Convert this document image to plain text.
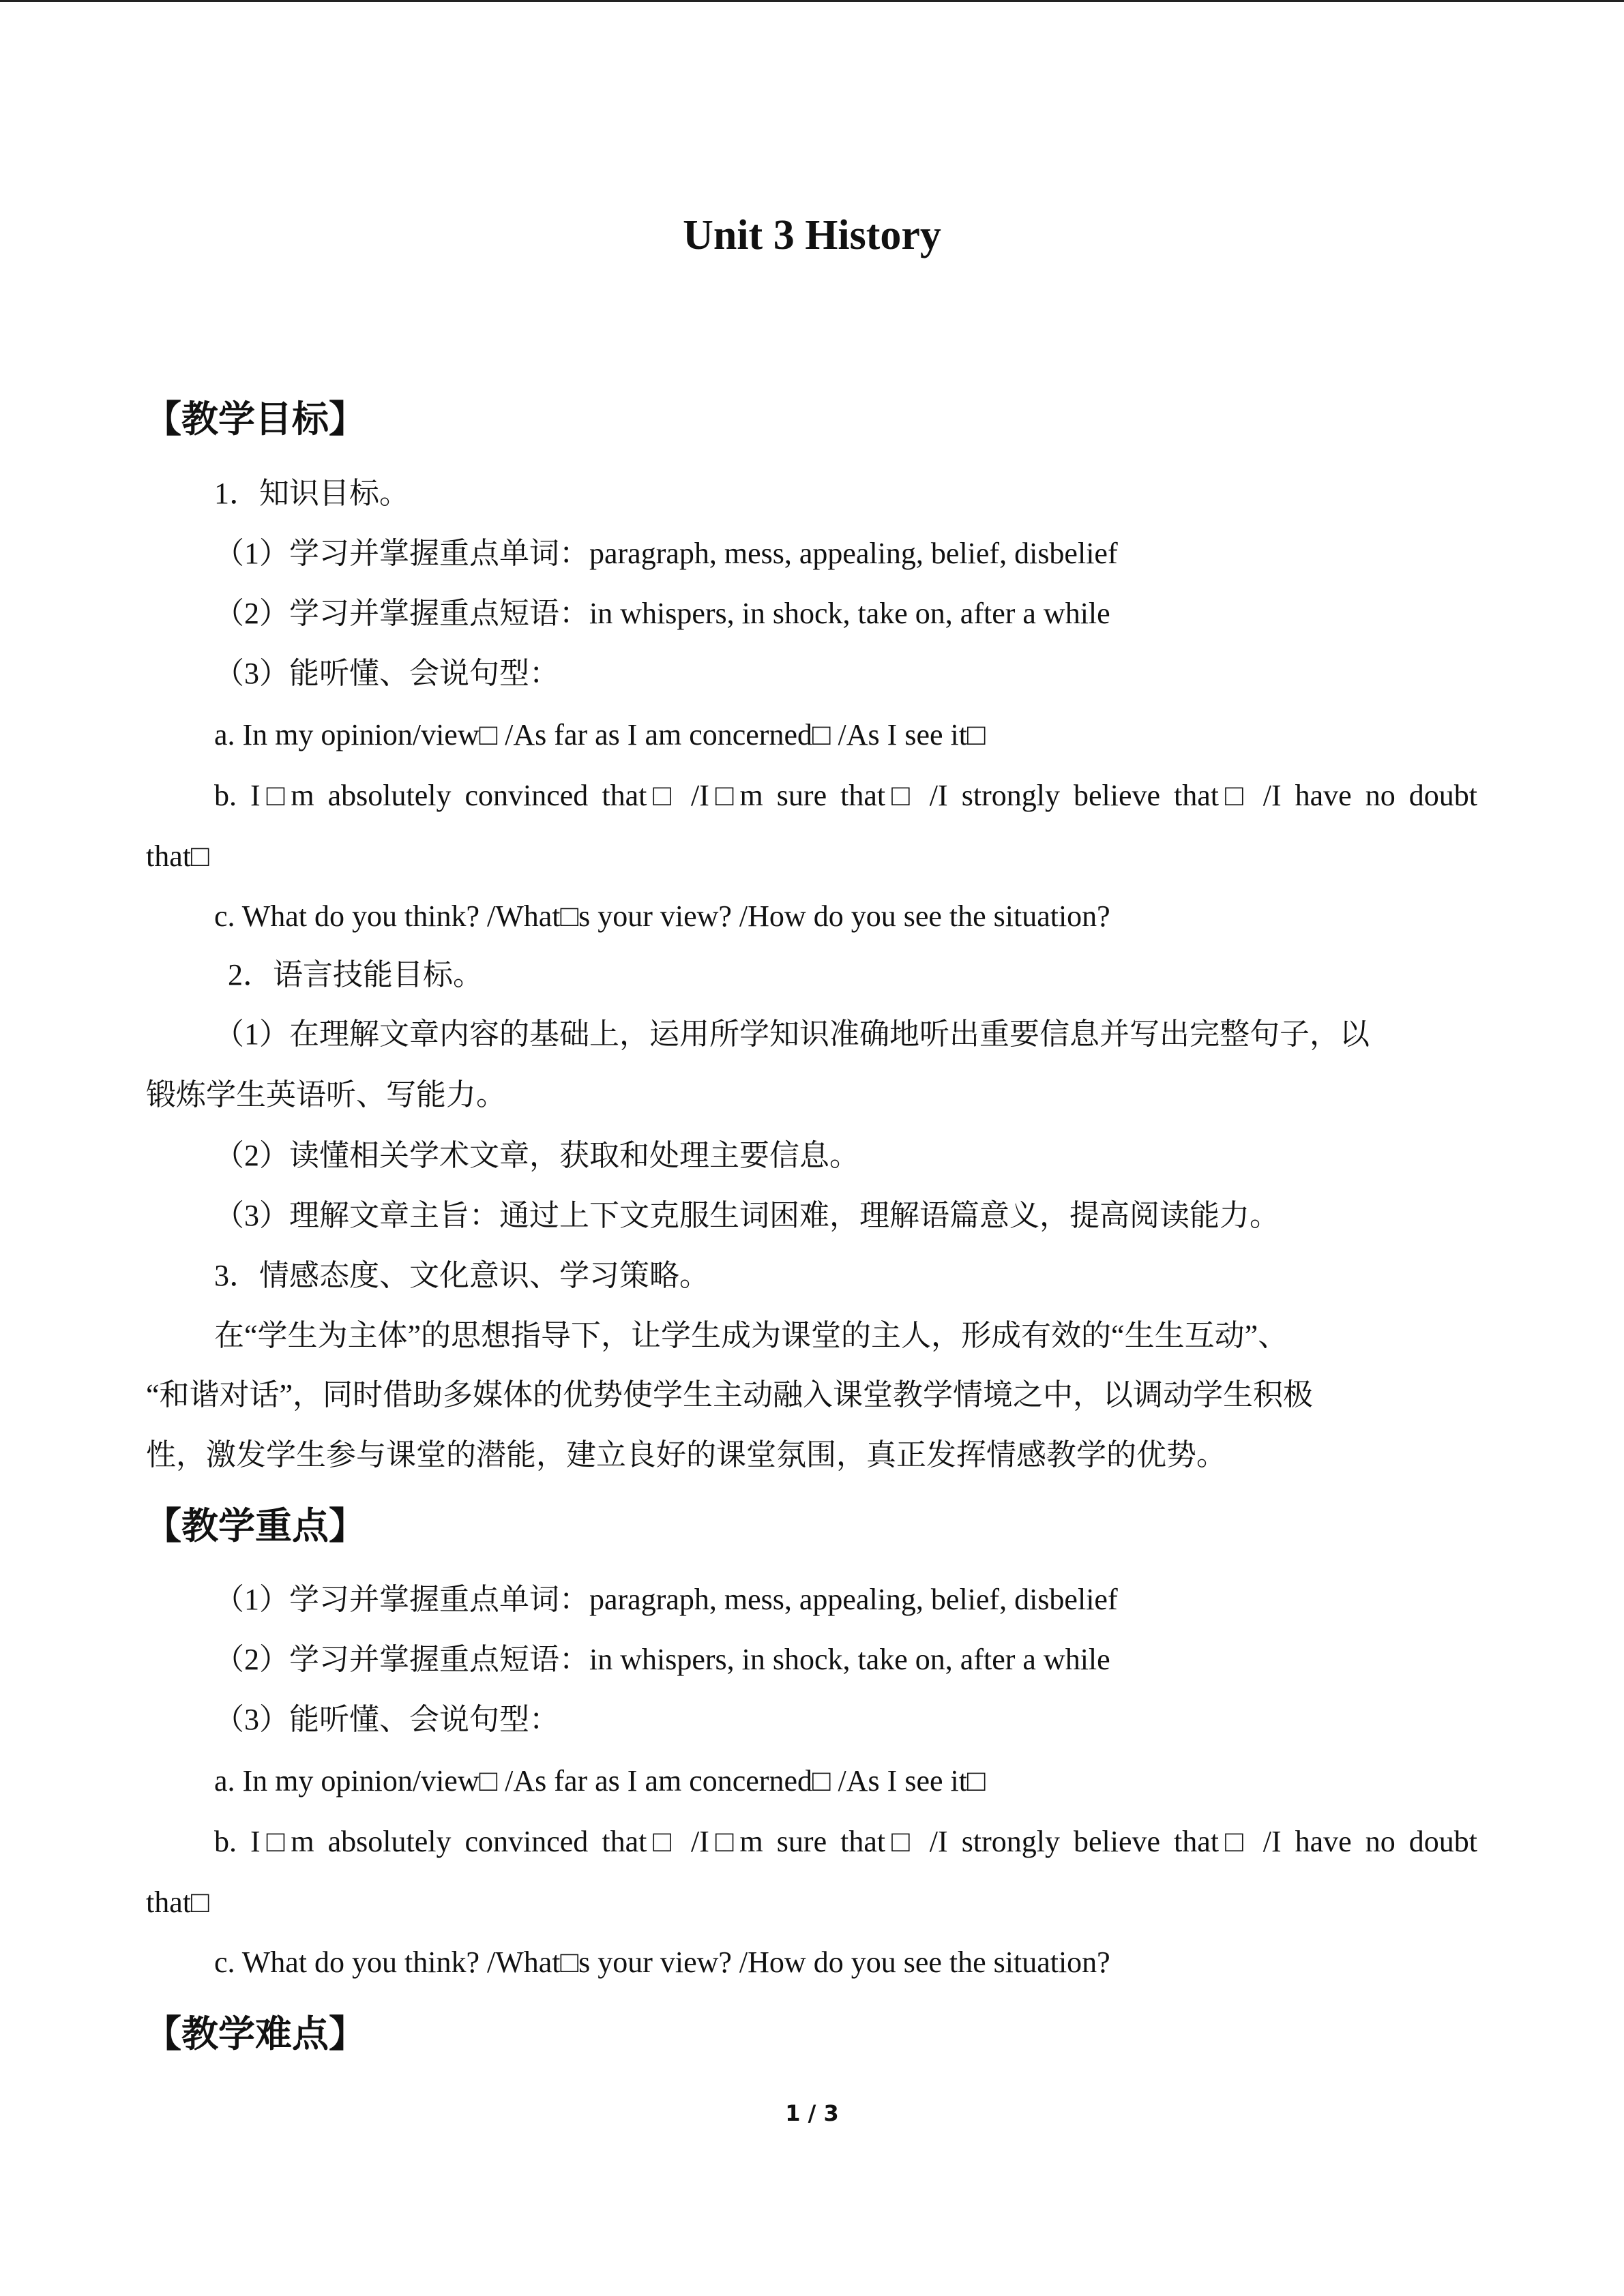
Unit 3 History
【教学目标】
1．知识目标。
（1）学习并掌握重点单词：paragraph, mess, appealing, belief, disbelief
（2）学习并掌握重点短语：in whispers, in shock, take on, after a while
（3）能听懂、会说句型：
a. In my opinion/view□ /As far as I am concerned□ /As I see it□
b. I□m absolutely convinced that□ /I□m sure that□ /I strongly believe that□ /I have no doubt
that□
c. What do you think? /What□s your view? /How do you see the situation?
2．语言技能目标。
（1）在理解文章内容的基础上，运用所学知识准确地听出重要信息并写出完整句子，以
锻炼学生英语听、写能力。
（2）读懂相关学术文章，获取和处理主要信息。
（3）理解文章主旨：通过上下文克服生词困难，理解语篇意义，提高阅读能力。
3．情感态度、文化意识、学习策略。
在“学生为主体”的思想指导下，让学生成为课堂的主人，形成有效的“生生互动”、
“和谐对话”，同时借助多媒体的优势使学生主动融入课堂教学情境之中，以调动学生积极
性，激发学生参与课堂的潜能，建立良好的课堂氛围，真正发挥情感教学的优势。
【教学重点】
（1）学习并掌握重点单词：paragraph, mess, appealing, belief, disbelief
（2）学习并掌握重点短语：in whispers, in shock, take on, after a while
（3）能听懂、会说句型：
a. In my opinion/view□ /As far as I am concerned□ /As I see it□
b. I□m absolutely convinced that□ /I□m sure that□ /I strongly believe that□ /I have no doubt
that□
c. What do you think? /What□s your view? /How do you see the situation?
【教学难点】
1 / 3
